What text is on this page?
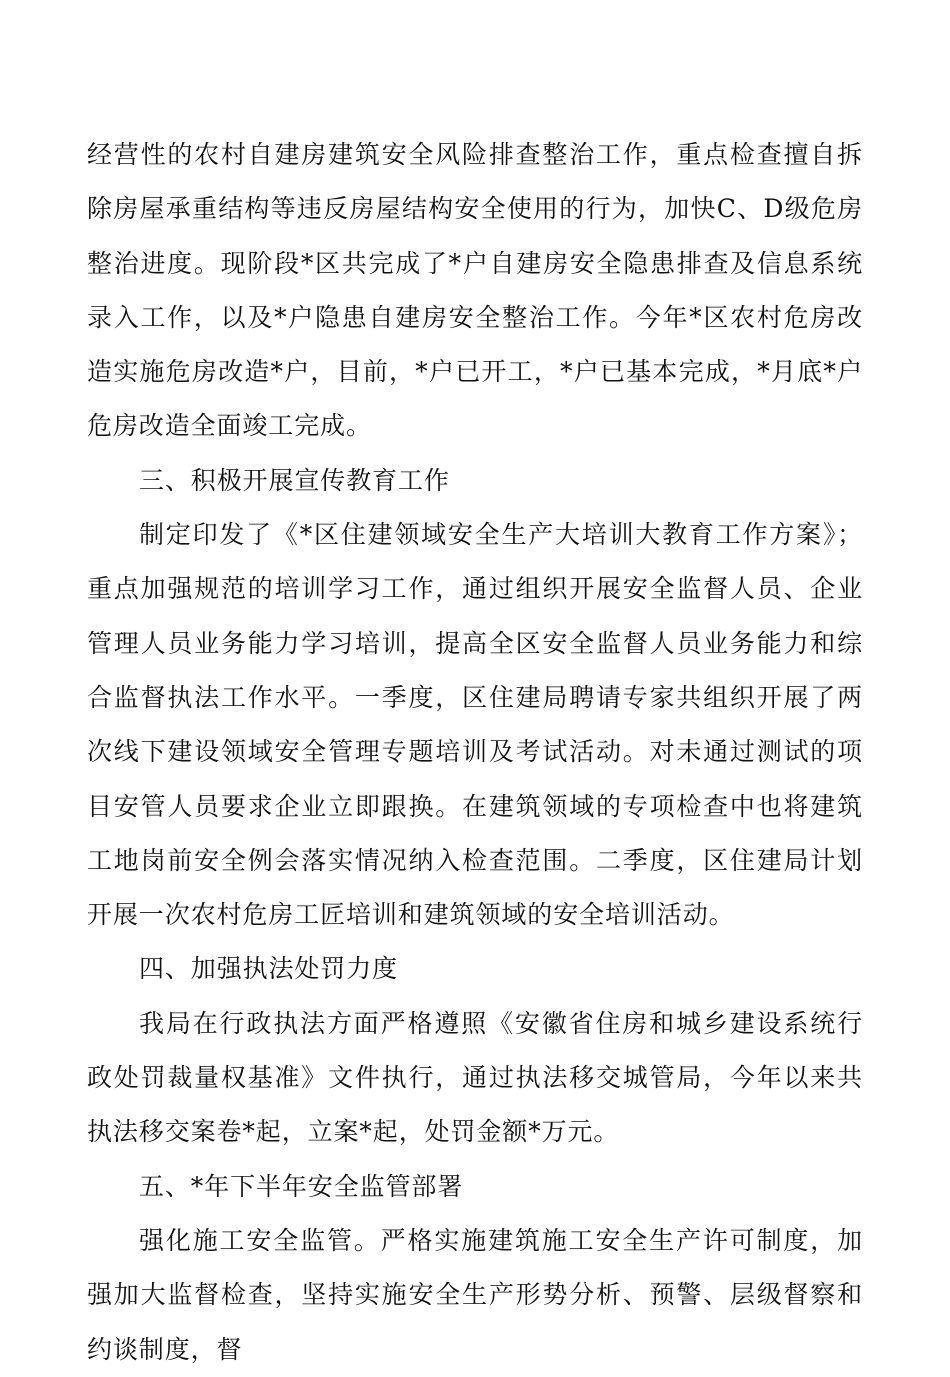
经营性的农村自建房建筑安全风险排查整治工作，重点检查擅自拆除房屋承重结构等违反房屋结构安全使用的行为，加快C、D级危房整治进度。现阶段*区共完成了*户自建房安全隐患排查及信息系统录入工作，以及*户隐患自建房安全整治工作。今年*区农村危房改造实施危房改造*户，目前，*户已开工，*户已基本完成，*月底*户危房改造全面竣工完成。

三、积极开展宣传教育工作

制定印发了《*区住建领域安全生产大培训大教育工作方案》；重点加强规范的培训学习工作，通过组织开展安全监督人员、企业管理人员业务能力学习培训，提高全区安全监督人员业务能力和综合监督执法工作水平。一季度，区住建局聘请专家共组织开展了两次线下建设领域安全管理专题培训及考试活动。对未通过测试的项目安管人员要求企业立即跟换。在建筑领域的专项检查中也将建筑工地岗前安全例会落实情况纳入检查范围。二季度，区住建局计划开展一次农村危房工匠培训和建筑领域的安全培训活动。

四、加强执法处罚力度

我局在行政执法方面严格遵照《安徽省住房和城乡建设系统行政处罚裁量权基准》文件执行，通过执法移交城管局，今年以来共执法移交案卷*起，立案*起，处罚金额*万元。

五、*年下半年安全监管部署

强化施工安全监管。严格实施建筑施工安全生产许可制度，加强加大监督检查，坚持实施安全生产形势分析、预警、层级督察和约谈制度，督
